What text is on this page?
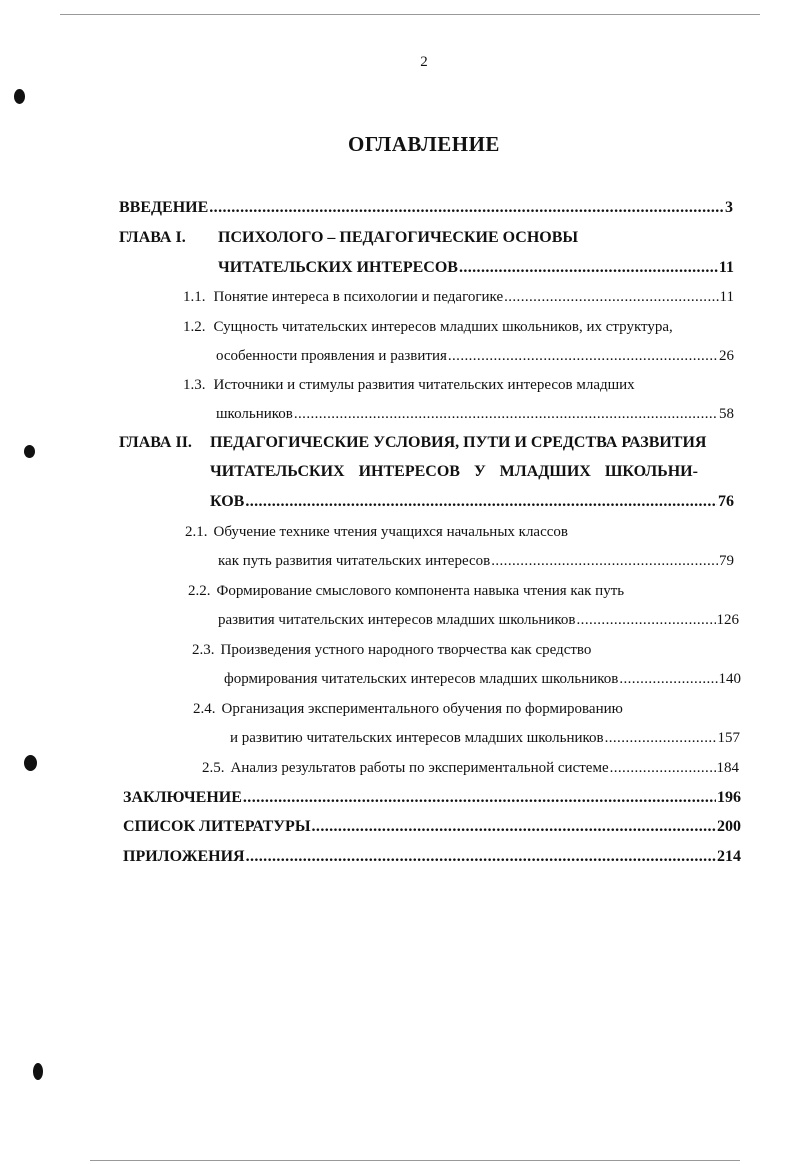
2
ОГЛАВЛЕНИЕ
ВВЕДЕНИЕ .....	3
ГЛАВА I. ПСИХОЛОГО – ПЕДАГОГИЧЕСКИЕ ОСНОВЫ
ЧИТАТЕЛЬСКИХ ИНТЕРЕСОВ .....	11
1.1. Понятие интереса в психологии и педагогике .....	11
1.2. Сущность читательских интересов младших школьников, их структура,
особенности проявления и развития .....	26
1.3. Источники и стимулы развития читательских интересов младших
школьников .....	58
ГЛАВА II. ПЕДАГОГИЧЕСКИЕ УСЛОВИЯ, ПУТИ И СРЕДСТВА РАЗВИТИЯ
ЧИТАТЕЛЬСКИХ ИНТЕРЕСОВ У МЛАДШИХ ШКОЛЬНИ-
КОВ .....	76
2.1. Обучение технике чтения учащихся начальных классов
как путь развития читательских интересов .....	79
2.2. Формирование смыслового компонента навыка чтения как путь
развития читательских интересов младших школьников .....	126
2.3. Произведения устного народного творчества как средство
формирования читательских интересов младших школьников .....	140
2.4. Организация экспериментального обучения по формированию
и развитию читательских интересов младших школьников .....	157
2.5. Анализ результатов работы по экспериментальной системе .....	184
ЗАКЛЮЧЕНИЕ .....	196
СПИСОК ЛИТЕРАТУРЫ .....	200
ПРИЛОЖЕНИЯ .....	214
